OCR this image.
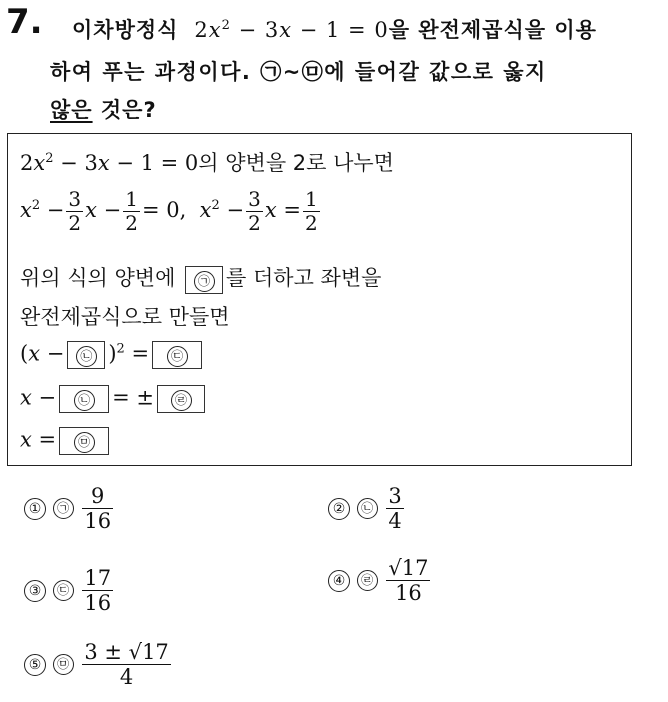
7. 이차방정식  $2x^2 - 3x - 1 = 0$을 완전제곱식을 이용
하여 푸는 과정이다. ㉠~㉤에 들어갈 값으로 옳지
않은 것은?
$2x^2 - 3x - 1 = 0$의 양변을 2로 나누면
$x^2 - \frac{3}{2}$ $x - \frac{1}{2} = 0$,  $x^2 - \frac{3}{2}$ $x = \frac{1}{2}$
위의 식의 양변에 ㉠ 를 더하고 좌변을
완전제곱식으로 만들면
(x − ㉡ )$^2$ = ㉢
x − ㉡ = ± ㉣
x = ㉤
① ㉠ $\frac{9}{16}$	② ㉡ $\frac{3}{4}$
③ ㉢ $\frac{17}{16}$	④ ㉣ $\frac{√17}{16}$
⑤ ㉤ $\frac{3 \pm √17}{4}$
